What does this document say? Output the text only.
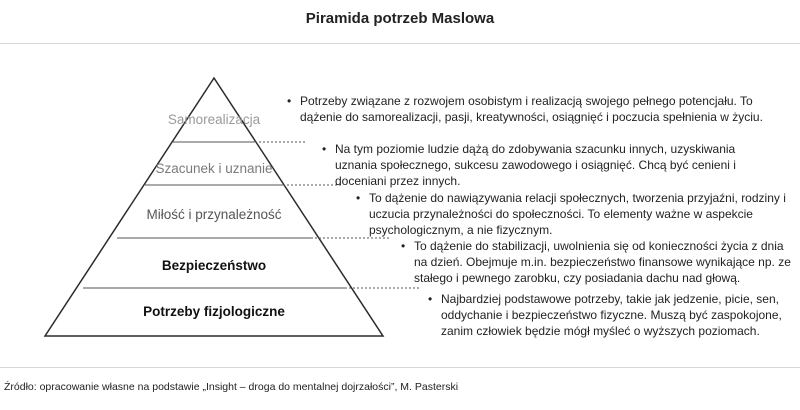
Piramida potrzeb Maslowa
Samorealizacja
Szacunek i uznanie
Miłość i przynależność
Bezpieczeństwo
Potrzeby fizjologiczne
• Potrzeby związane z rozwojem osobistym i realizacją swojego pełnego potencjału. To dążenie do samorealizacji, pasji, kreatywności, osiągnięć i poczucia spełnienia w życiu.
• Na tym poziomie ludzie dążą do zdobywania szacunku innych, uzyskiwania uznania społecznego, sukcesu zawodowego i osiągnięć. Chcą być cenieni i doceniani przez innych.
• To dążenie do nawiązywania relacji społecznych, tworzenia przyjaźni, rodziny i uczucia przynależności do społeczności. To elementy ważne w aspekcie psychologicznym, a nie fizycznym.
• To dążenie do stabilizacji, uwolnienia się od konieczności życia z dnia na dzień. Obejmuje m.in. bezpieczeństwo finansowe wynikające np. ze stałego i pewnego zarobku, czy posiadania dachu nad głową.
• Najbardziej podstawowe potrzeby, takie jak jedzenie, picie, sen, oddychanie i bezpieczeństwo fizyczne. Muszą być zaspokojone, zanim człowiek będzie mógł myśleć o wyższych poziomach.
Źródło: opracowanie własne na podstawie „Insight – droga do mentalnej dojrzałości”, M. Pasterski
